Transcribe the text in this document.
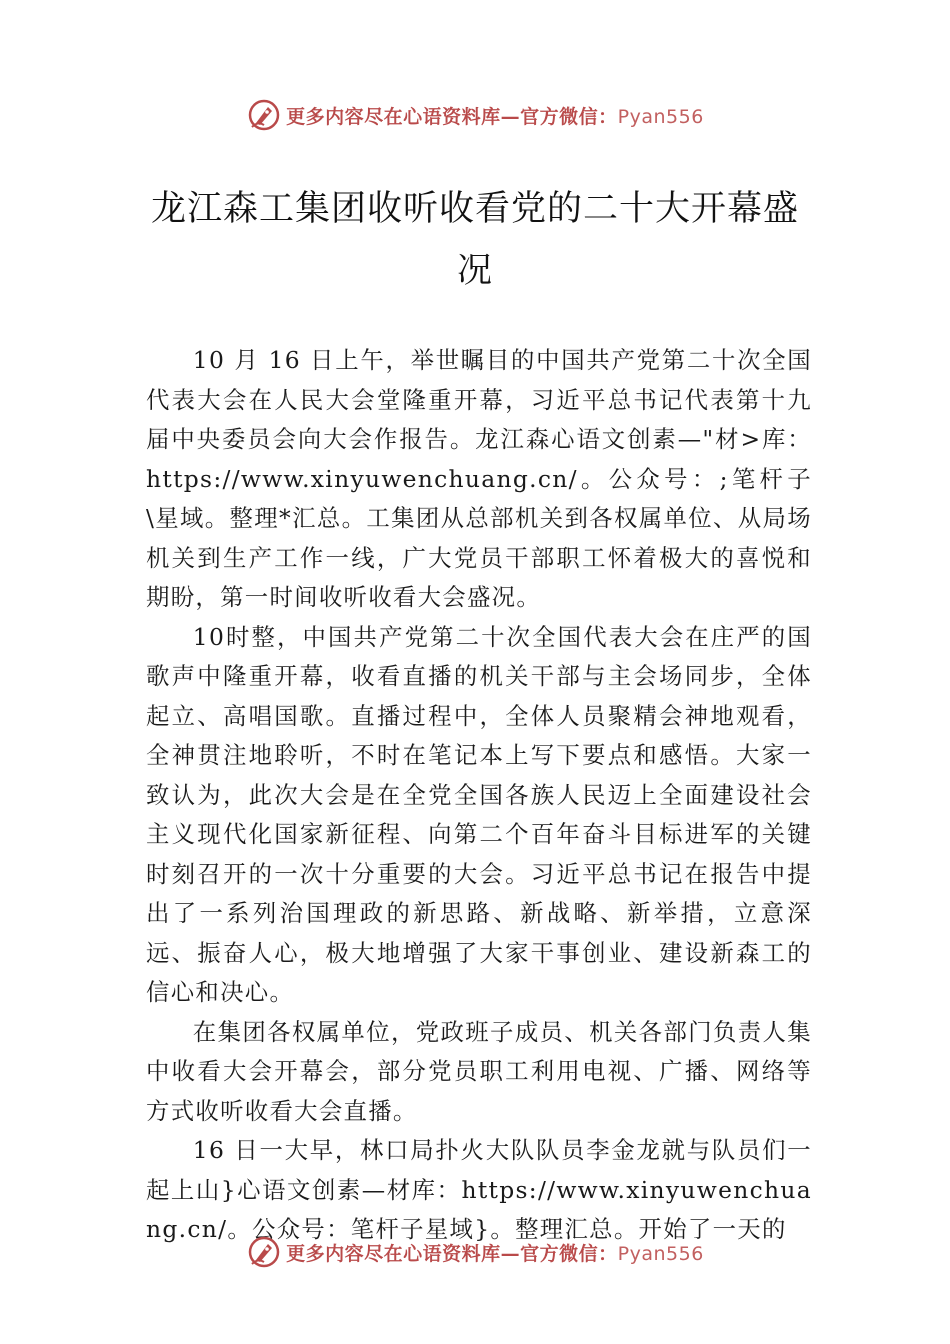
更多内容尽在心语资料库—官方微信：Pyan556
龙江森工集团收听收看党的二十大开幕盛况

10 月 16 日上午，举世瞩目的中国共产党第二十次全国代表大会在人民大会堂隆重开幕，习近平总书记代表第十九届中央委员会向大会作报告。龙江森心语文创素—"材>库：https://www.xinyuwenchuang.cn/。公众号：;笔杆子\星域。整理*汇总。工集团从总部机关到各权属单位、从局场机关到生产工作一线，广大党员干部职工怀着极大的喜悦和期盼，第一时间收听收看大会盛况。

10时整，中国共产党第二十次全国代表大会在庄严的国歌声中隆重开幕，收看直播的机关干部与主会场同步，全体起立、高唱国歌。直播过程中，全体人员聚精会神地观看， 全神贯注地聆听，不时在笔记本上写下要点和感悟。大家一致认为，此次大会是在全党全国各族人民迈上全面建设社会主义现代化国家新征程、向第二个百年奋斗目标进军的关键时刻召开的一次十分重要的大会。习近平总书记在报告中提出了一系列治国理政的新思路、新战略、新举措，立意深远、振奋人心，极大地增强了大家干事创业、建设新森工的信心和决心。

在集团各权属单位，党政班子成员、机关各部门负责人集中收看大会开幕会，部分党员职工利用电视、广播、网络等方式收听收看大会直播。

16 日一大早，林口局扑火大队队员李金龙就与队员们一起上山}心语文创素—材库：https://www.xinyuwenchuang.cn/。公众号：笔杆子星域}。整理汇总。开始了一天的

更多内容尽在心语资料库—官方微信：Pyan556
